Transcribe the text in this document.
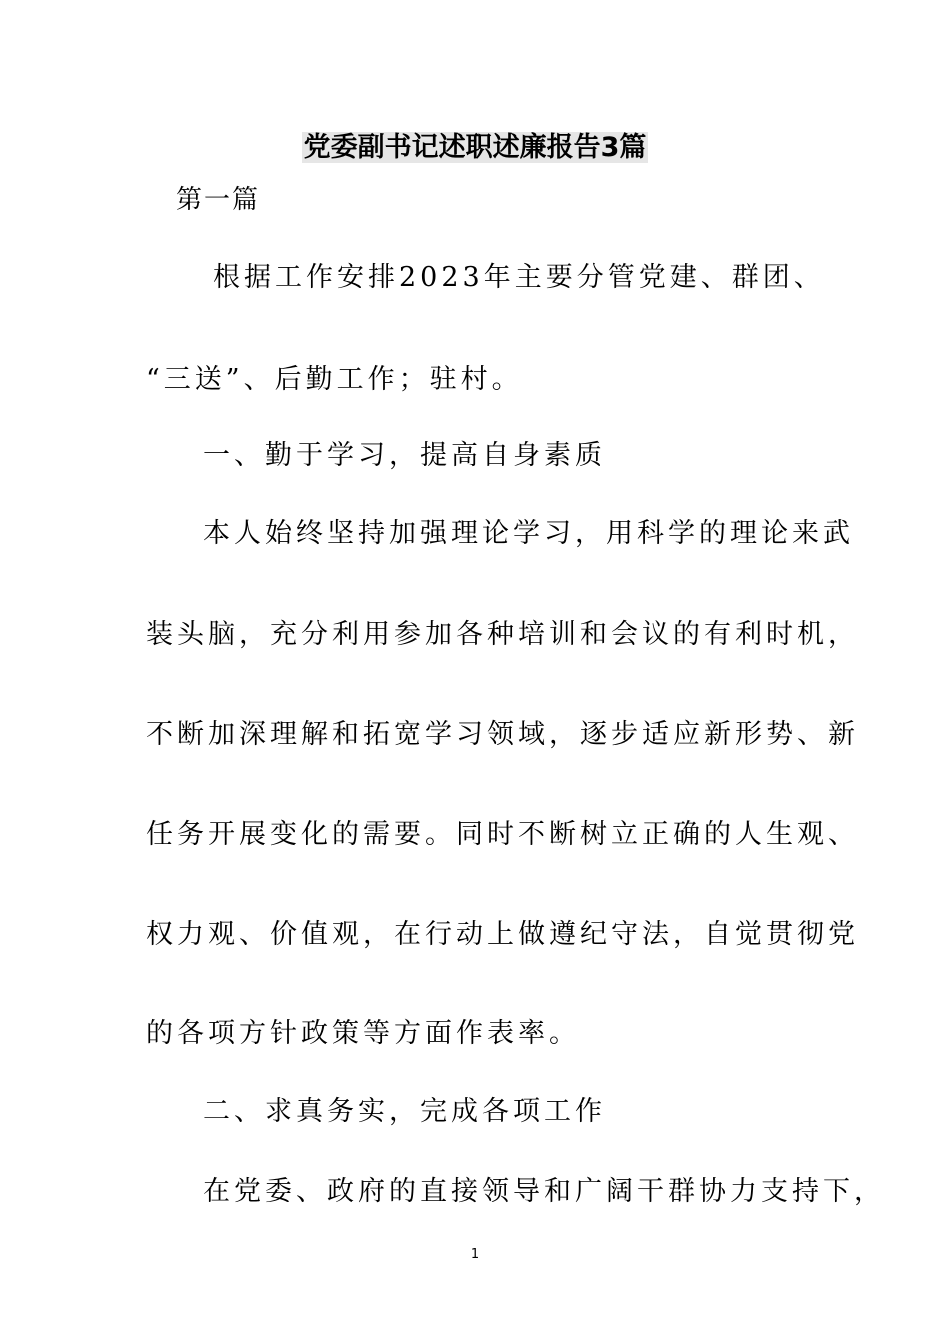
党委副书记述职述廉报告3篇
第一篇
根据工作安排2023年主要分管党建、群团、
“三送”、后勤工作；驻村。
一、勤于学习，提高自身素质
本人始终坚持加强理论学习，用科学的理论来武
装头脑，充分利用参加各种培训和会议的有利时机，
不断加深理解和拓宽学习领域，逐步适应新形势、新
任务开展变化的需要。同时不断树立正确的人生观、
权力观、价值观，在行动上做遵纪守法，自觉贯彻党
的各项方针政策等方面作表率。
二、求真务实，完成各项工作
在党委、政府的直接领导和广阔干群协力支持下，
1
